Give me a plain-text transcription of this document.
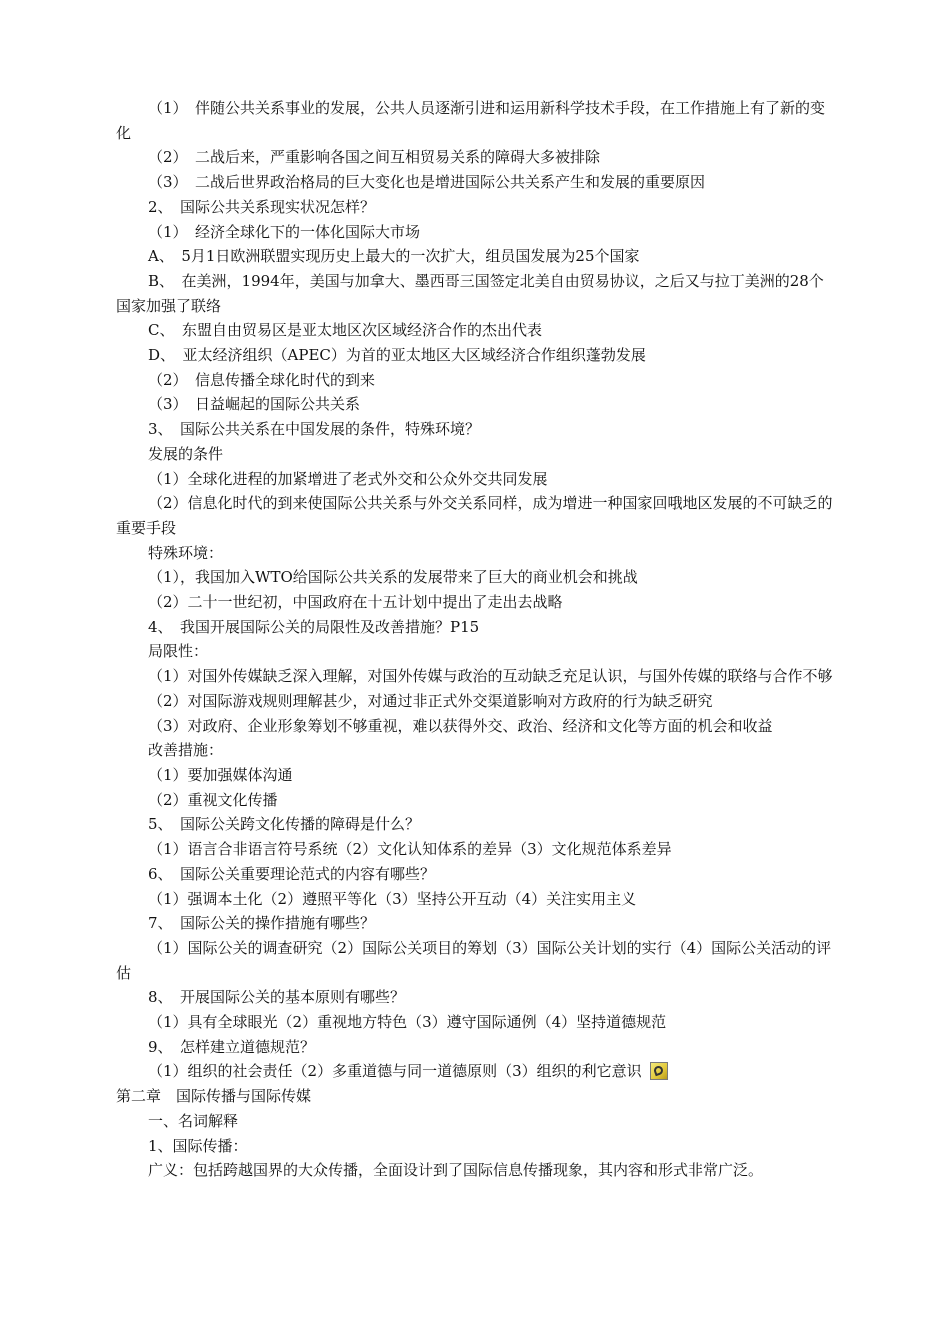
（1）　伴随公共关系事业的发展，公共人员逐渐引进和运用新科学技术手段，在工作措施上有了新的变化

（2）　二战后来，严重影响各国之间互相贸易关系的障碍大多被排除

（3）　二战后世界政治格局的巨大变化也是增进国际公共关系产生和发展的重要原因

2、　国际公共关系现实状况怎样？

（1）　经济全球化下的一体化国际大市场

A、　5月1日欧洲联盟实现历史上最大的一次扩大，组员国发展为25个国家

B、　在美洲，1994年，美国与加拿大、墨西哥三国签定北美自由贸易协议，之后又与拉丁美洲的28个国家加强了联络

C、　东盟自由贸易区是亚太地区次区域经济合作的杰出代表

D、　亚太经济组织（APEC）为首的亚太地区大区域经济合作组织蓬勃发展

（2）　信息传播全球化时代的到来

（3）　日益崛起的国际公共关系

3、　国际公共关系在中国发展的条件，特殊环境？

发展的条件

（1）全球化进程的加紧增进了老式外交和公众外交共同发展

（2）信息化时代的到来使国际公共关系与外交关系同样，成为增进一种国家回哦地区发展的不可缺乏的重要手段

特殊环境：

（1），我国加入WTO给国际公共关系的发展带来了巨大的商业机会和挑战

（2）二十一世纪初，中国政府在十五计划中提出了走出去战略

4、　我国开展国际公关的局限性及改善措施？P15

局限性：

（1）对国外传媒缺乏深入理解，对国外传媒与政治的互动缺乏充足认识，与国外传媒的联络与合作不够

（2）对国际游戏规则理解甚少，对通过非正式外交渠道影响对方政府的行为缺乏研究

（3）对政府、企业形象筹划不够重视，难以获得外交、政治、经济和文化等方面的机会和收益

改善措施：

（1）要加强媒体沟通

（2）重视文化传播

5、　国际公关跨文化传播的障碍是什么？

（1）语言合非语言符号系统（2）文化认知体系的差异（3）文化规范体系差异

6、　国际公关重要理论范式的内容有哪些？

（1）强调本土化（2）遵照平等化（3）坚持公开互动（4）关注实用主义

7、　国际公关的操作措施有哪些？

（1）国际公关的调查研究（2）国际公关项目的筹划（3）国际公关计划的实行（4）国际公关活动的评估

8、　开展国际公关的基本原则有哪些？

（1）具有全球眼光（2）重视地方特色（3）遵守国际通例（4）坚持道德规范

9、　怎样建立道德规范？

（1）组织的社会责任（2）多重道德与同一道德原则（3）组织的利它意识

第二章　国际传播与国际传媒

一、名词解释

1、国际传播：

广义：包括跨越国界的大众传播，全面设计到了国际信息传播现象，其内容和形式非常广泛。
